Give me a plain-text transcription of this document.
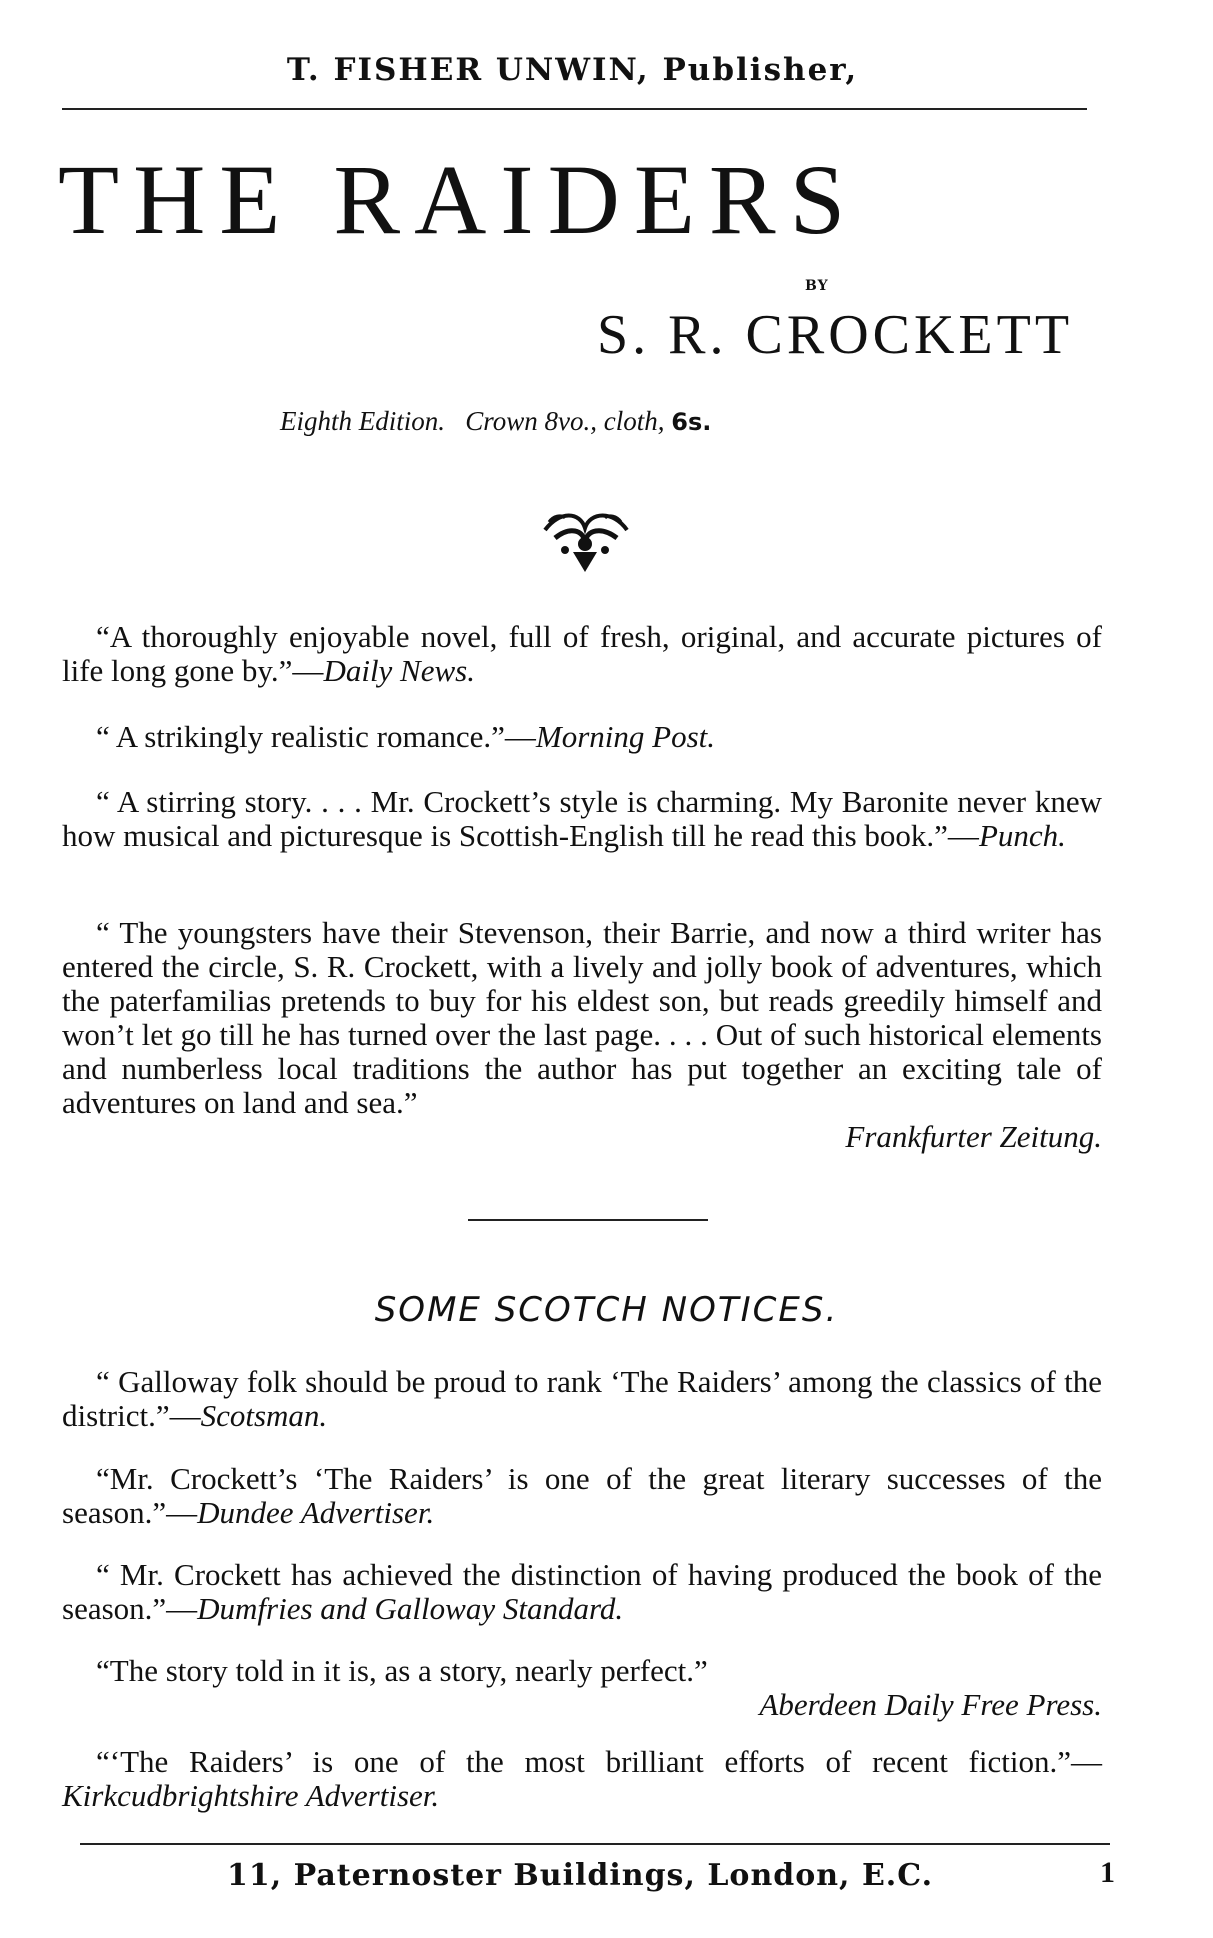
T. FISHER UNWIN, Publisher,
THE RAIDERS
BY
S. R. CROCKETT
Eighth Edition. Crown 8vo., cloth, 6s.

“A thoroughly enjoyable novel, full of fresh, original, and accurate pictures of life long gone by.”—Daily News.

“ A strikingly realistic romance.”—Morning Post.

“ A stirring story. . . . Mr. Crockett’s style is charming. My Baronite never knew how musical and picturesque is Scottish-English till he read this book.”—Punch.

“ The youngsters have their Stevenson, their Barrie, and now a third writer has entered the circle, S. R. Crockett, with a lively and jolly book of adventures, which the paterfamilias pretends to buy for his eldest son, but reads greedily himself and won’t let go till he has turned over the last page. . . . Out of such historical elements and numberless local traditions the author has put together an exciting tale of adventures on land and sea.”

Frankfurter Zeitung.

SOME SCOTCH NOTICES.

“ Galloway folk should be proud to rank ‘The Raiders’ among the classics of the district.”—Scotsman.

“Mr. Crockett’s ‘The Raiders’ is one of the great literary successes of the season.”—Dundee Advertiser.

“ Mr. Crockett has achieved the distinction of having produced the book of the season.”—Dumfries and Galloway Standard.

“The story told in it is, as a story, nearly perfect.”

Aberdeen Daily Free Press.

“‘The Raiders’ is one of the most brilliant efforts of recent fiction.”—Kirkcudbrightshire Advertiser.

11, Paternoster Buildings, London, E.C.	1
